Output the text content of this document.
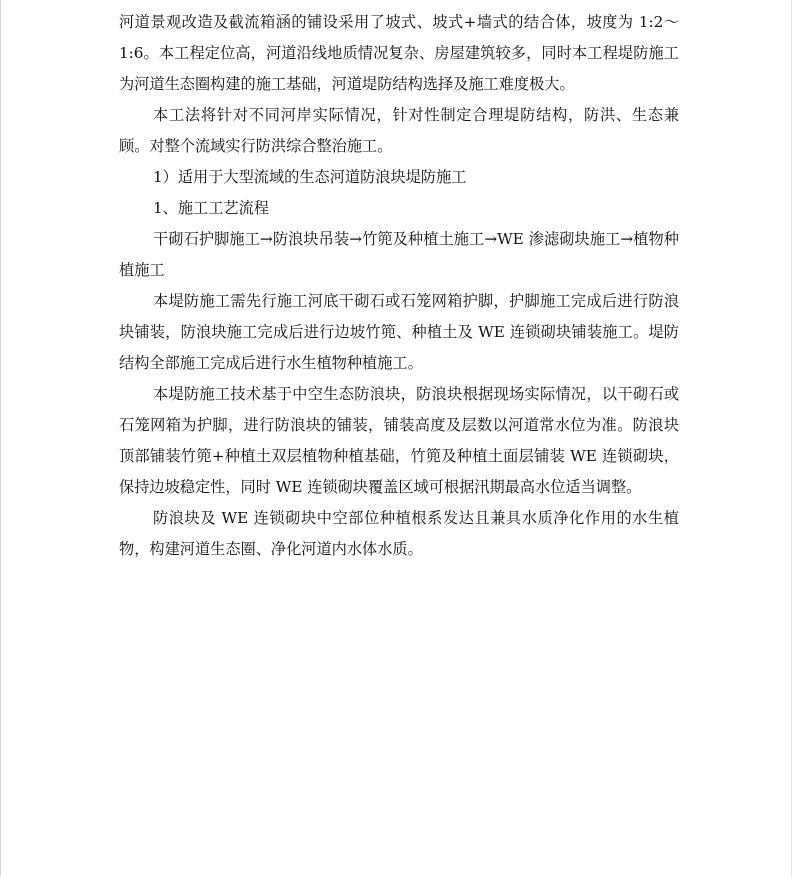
河道景观改造及截流箱涵的铺设采用了坡式、坡式+墙式的结合体，坡度为 1:2～1:6。本工程定位高，河道沿线地质情况复杂、房屋建筑较多，同时本工程堤防施工为河道生态圈构建的施工基础，河道堤防结构选择及施工难度极大。

本工法将针对不同河岸实际情况，针对性制定合理堤防结构，防洪、生态兼顾。对整个流域实行防洪综合整治施工。

1）适用于大型流域的生态河道防浪块堤防施工

1、施工工艺流程

干砌石护脚施工→防浪块吊装→竹篼及种植土施工→WE 渗滤砌块施工→植物种植施工

本堤防施工需先行施工河底干砌石或石笼网箱护脚，护脚施工完成后进行防浪块铺装，防浪块施工完成后进行边坡竹篼、种植土及 WE 连锁砌块铺装施工。堤防结构全部施工完成后进行水生植物种植施工。

本堤防施工技术基于中空生态防浪块，防浪块根据现场实际情况，以干砌石或石笼网箱为护脚，进行防浪块的铺装，铺装高度及层数以河道常水位为准。防浪块顶部铺装竹篼+种植土双层植物种植基础，竹篼及种植土面层铺装 WE 连锁砌块，保持边坡稳定性，同时 WE 连锁砌块覆盖区域可根据汛期最高水位适当调整。

防浪块及 WE 连锁砌块中空部位种植根系发达且兼具水质净化作用的水生植物，构建河道生态圈、净化河道内水体水质。
